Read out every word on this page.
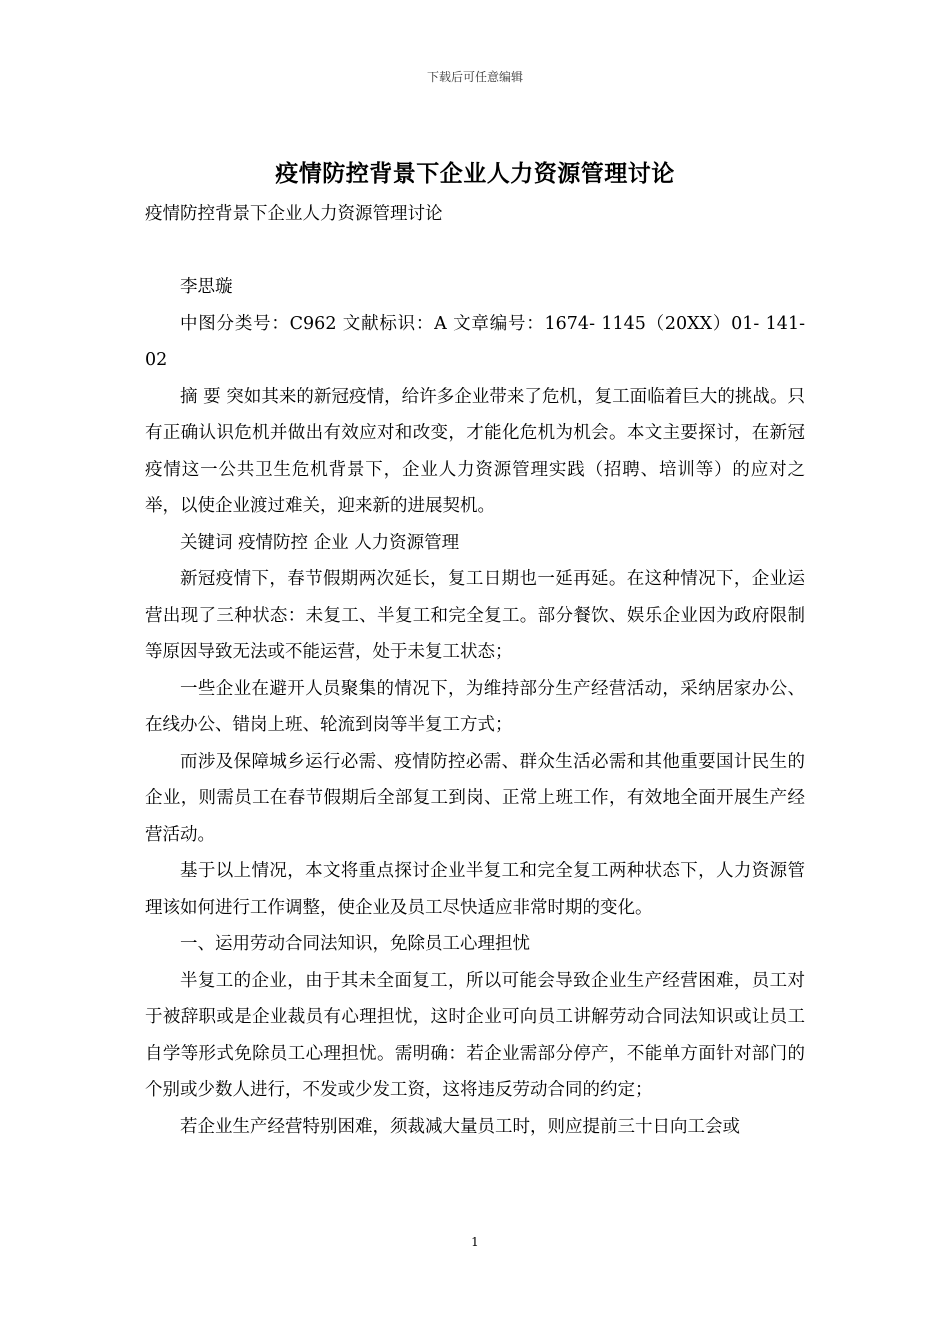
下载后可任意编辑
疫情防控背景下企业人力资源管理讨论

疫情防控背景下企业人力资源管理讨论

李思璇

中图分类号：C962 文献标识：A 文章编号：1674- 1145（20XX）01- 141- 02

摘 要 突如其来的新冠疫情，给许多企业带来了危机，复工面临着巨大的挑战。只有正确认识危机并做出有效应对和改变，才能化危机为机会。本文主要探讨，在新冠疫情这一公共卫生危机背景下，企业人力资源管理实践（招聘、培训等）的应对之举，以使企业渡过难关，迎来新的进展契机。

关键词 疫情防控 企业 人力资源管理

新冠疫情下，春节假期两次延长，复工日期也一延再延。在这种情况下，企业运营出现了三种状态：未复工、半复工和完全复工。部分餐饮、娱乐企业因为政府限制等原因导致无法或不能运营，处于未复工状态；

一些企业在避开人员聚集的情况下，为维持部分生产经营活动，采纳居家办公、在线办公、错岗上班、轮流到岗等半复工方式；

而涉及保障城乡运行必需、疫情防控必需、群众生活必需和其他重要国计民生的企业，则需员工在春节假期后全部复工到岗、正常上班工作，有效地全面开展生产经营活动。

基于以上情况，本文将重点探讨企业半复工和完全复工两种状态下，人力资源管理该如何进行工作调整，使企业及员工尽快适应非常时期的变化。

一、运用劳动合同法知识，免除员工心理担忧

半复工的企业，由于其未全面复工，所以可能会导致企业生产经营困难，员工对于被辞职或是企业裁员有心理担忧，这时企业可向员工讲解劳动合同法知识或让员工自学等形式免除员工心理担忧。需明确：若企业需部分停产，不能单方面针对部门的个别或少数人进行，不发或少发工资，这将违反劳动合同的约定；

若企业生产经营特别困难，须裁减大量员工时，则应提前三十日向工会或

1
